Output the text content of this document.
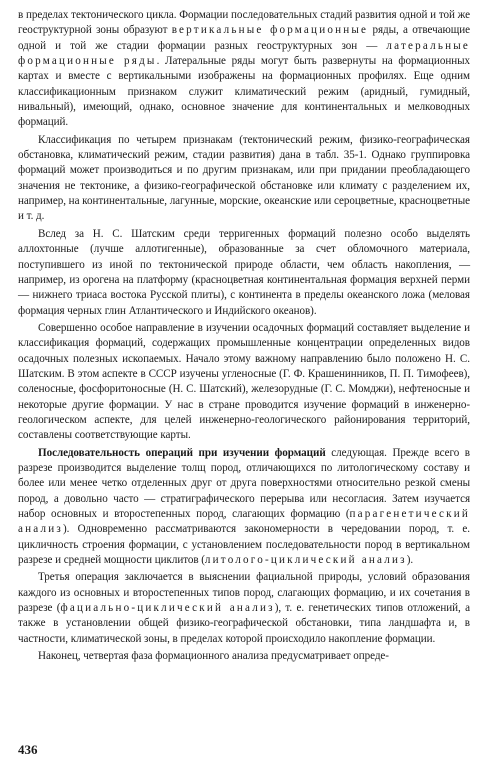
в пределах тектонического цикла. Формации последовательных стадий развития одной и той же геоструктурной зоны образуют вертикальные формационные ряды, а отвечающие одной и той же стадии формации разных геоструктурных зон — латеральные формационные ряды. Латеральные ряды могут быть развернуты на формационных картах и вместе с вертикальными изображены на формационных профилях. Еще одним классификационным признаком служит климатический режим (аридный, гумидный, нивальный), имеющий, однако, основное значение для континентальных и мелководных формаций.

Классификация по четырем признакам (тектонический режим, физико-географическая обстановка, климатический режим, стадии развития) дана в табл. 35-1. Однако группировка формаций может производиться и по другим признакам, или при придании преобладающего значения не тектонике, а физико-географической обстановке или климату с разделением их, например, на континентальные, лагунные, морские, океанские или сероцветные, красноцветные и т. д.

Вслед за Н. С. Шатским среди терригенных формаций полезно особо выделять аллохтонные (лучше аллотигенные), образованные за счет обломочного материала, поступившего из иной по тектонической природе области, чем область накопления, — например, из орогена на платформу (красноцветная континентальная формация верхней перми — нижнего триаса востока Русской плиты), с континента в пределы океанского ложа (меловая формация черных глин Атлантического и Индийского океанов).

Совершенно особое направление в изучении осадочных формаций составляет выделение и классификация формаций, содержащих промышленные концентрации определенных видов осадочных полезных ископаемых. Начало этому важному направлению было положено Н. С. Шатским. В этом аспекте в СССР изучены угленосные (Г. Ф. Крашенинников, П. П. Тимофеев), соленосные, фосфоритоносные (Н. С. Шатский), железорудные (Г. С. Момджи), нефтеносные и некоторые другие формации. У нас в стране проводится изучение формаций в инженерно-геологическом аспекте, для целей инженерно-геологического районирования территорий, составлены соответствующие карты.

Последовательность операций при изучении формаций следующая. Прежде всего в разрезе производится выделение толщ пород, отличающихся по литологическому составу и более или менее четко отделенных друг от друга поверхностями относительно резкой смены пород, а довольно часто — стратиграфического перерыва или несогласия. Затем изучается набор основных и второстепенных пород, слагающих формацию (парагенетический анализ). Одновременно рассматриваются закономерности в чередовании пород, т. е. цикличность строения формации, с установлением последовательности пород в вертикальном разрезе и средней мощности циклитов (литолого-циклический анализ).

Третья операция заключается в выяснении фациальной природы, условий образования каждого из основных и второстепенных типов пород, слагающих формацию, и их сочетания в разрезе (фациально-циклический анализ), т. е. генетических типов отложений, а также в установлении общей физико-географической обстановки, типа ландшафта и, в частности, климатической зоны, в пределах которой происходило накопление формации.

Наконец, четвертая фаза формационного анализа предусматривает опреде-

436
